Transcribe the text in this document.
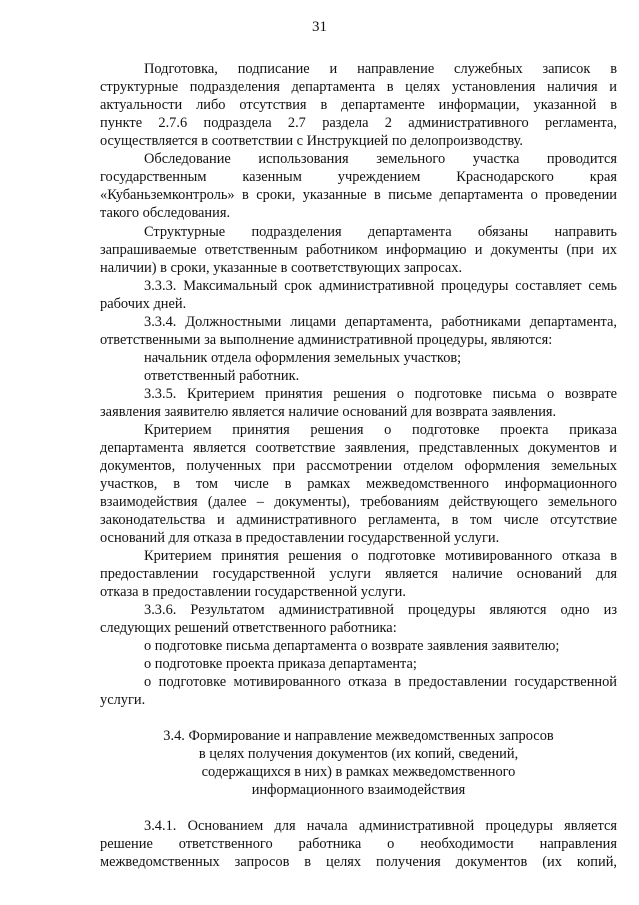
31
Подготовка, подписание и направление служебных записок в
структурные подразделения департамента в целях установления наличия и
актуальности либо отсутствия в департаменте информации, указанной в
пункте 2.7.6 подраздела 2.7 раздела 2 административного регламента,
осуществляется в соответствии с Инструкцией по делопроизводству.
Обследование использования земельного участка проводится
государственным казенным учреждением Краснодарского края
«Кубаньземконтроль» в сроки, указанные в письме департамента о проведении
такого обследования.
Структурные подразделения департамента обязаны направить
запрашиваемые ответственным работником информацию и документы (при их
наличии) в сроки, указанные в соответствующих запросах.
3.3.3. Максимальный срок административной процедуры составляет семь
рабочих дней.
3.3.4. Должностными лицами департамента, работниками департамента,
ответственными за выполнение административной процедуры, являются:
начальник отдела оформления земельных участков;
ответственный работник.
3.3.5. Критерием принятия решения о подготовке письма о возврате
заявления заявителю является наличие оснований для возврата заявления.
Критерием принятия решения о подготовке проекта приказа
департамента является соответствие заявления, представленных документов и
документов, полученных при рассмотрении отделом оформления земельных
участков, в том числе в рамках межведомственного информационного
взаимодействия (далее – документы), требованиям действующего земельного
законодательства и административного регламента, в том числе отсутствие
оснований для отказа в предоставлении государственной услуги.
Критерием принятия решения о подготовке мотивированного отказа в
предоставлении государственной услуги является наличие оснований для
отказа в предоставлении государственной услуги.
3.3.6. Результатом административной процедуры являются одно из
следующих решений ответственного работника:
о подготовке письма департамента о возврате заявления заявителю;
о подготовке проекта приказа департамента;
о подготовке мотивированного отказа в предоставлении государственной
услуги.
3.4. Формирование и направление межведомственных запросов
в целях получения документов (их копий, сведений,
содержащихся в них) в рамках межведомственного
информационного взаимодействия
3.4.1. Основанием для начала административной процедуры является
решение ответственного работника о необходимости направления
межведомственных запросов в целях получения документов (их копий,
